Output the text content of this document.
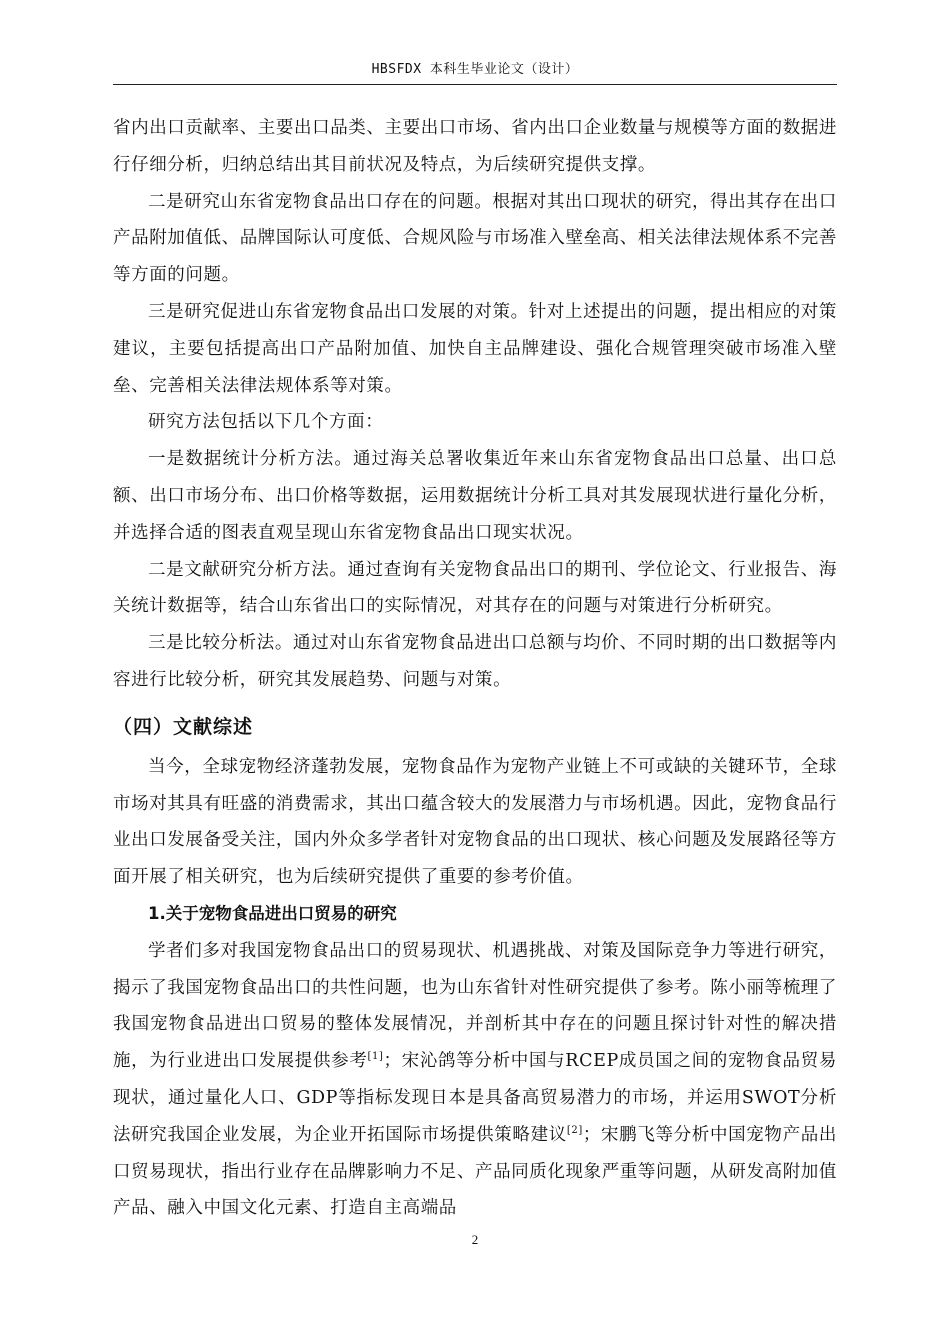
HBSFDX 本科生毕业论文（设计）

省内出口贡献率、主要出口品类、主要出口市场、省内出口企业数量与规模等方面的数据进行仔细分析，归纳总结出其目前状况及特点，为后续研究提供支撑。

二是研究山东省宠物食品出口存在的问题。根据对其出口现状的研究，得出其存在出口产品附加值低、品牌国际认可度低、合规风险与市场准入壁垒高、相关法律法规体系不完善等方面的问题。

三是研究促进山东省宠物食品出口发展的对策。针对上述提出的问题，提出相应的对策建议，主要包括提高出口产品附加值、加快自主品牌建设、强化合规管理突破市场准入壁垒、完善相关法律法规体系等对策。

研究方法包括以下几个方面：

一是数据统计分析方法。通过海关总署收集近年来山东省宠物食品出口总量、出口总额、出口市场分布、出口价格等数据，运用数据统计分析工具对其发展现状进行量化分析，并选择合适的图表直观呈现山东省宠物食品出口现实状况。

二是文献研究分析方法。通过查询有关宠物食品出口的期刊、学位论文、行业报告、海关统计数据等，结合山东省出口的实际情况，对其存在的问题与对策进行分析研究。

三是比较分析法。通过对山东省宠物食品进出口总额与均价、不同时期的出口数据等内容进行比较分析，研究其发展趋势、问题与对策。

（四）文献综述

当今，全球宠物经济蓬勃发展，宠物食品作为宠物产业链上不可或缺的关键环节，全球市场对其具有旺盛的消费需求，其出口蕴含较大的发展潜力与市场机遇。因此，宠物食品行业出口发展备受关注，国内外众多学者针对宠物食品的出口现状、核心问题及发展路径等方面开展了相关研究，也为后续研究提供了重要的参考价值。

1.关于宠物食品进出口贸易的研究

学者们多对我国宠物食品出口的贸易现状、机遇挑战、对策及国际竞争力等进行研究，揭示了我国宠物食品出口的共性问题，也为山东省针对性研究提供了参考。陈小丽等梳理了我国宠物食品进出口贸易的整体发展情况，并剖析其中存在的问题且探讨针对性的解决措施，为行业进出口发展提供参考[1]；宋沁鸽等分析中国与RCEP成员国之间的宠物食品贸易现状，通过量化人口、GDP等指标发现日本是具备高贸易潜力的市场，并运用SWOT分析法研究我国企业发展，为企业开拓国际市场提供策略建议[2]；宋鹏飞等分析中国宠物产品出口贸易现状，指出行业存在品牌影响力不足、产品同质化现象严重等问题，从研发高附加值产品、融入中国文化元素、打造自主高端品

2
